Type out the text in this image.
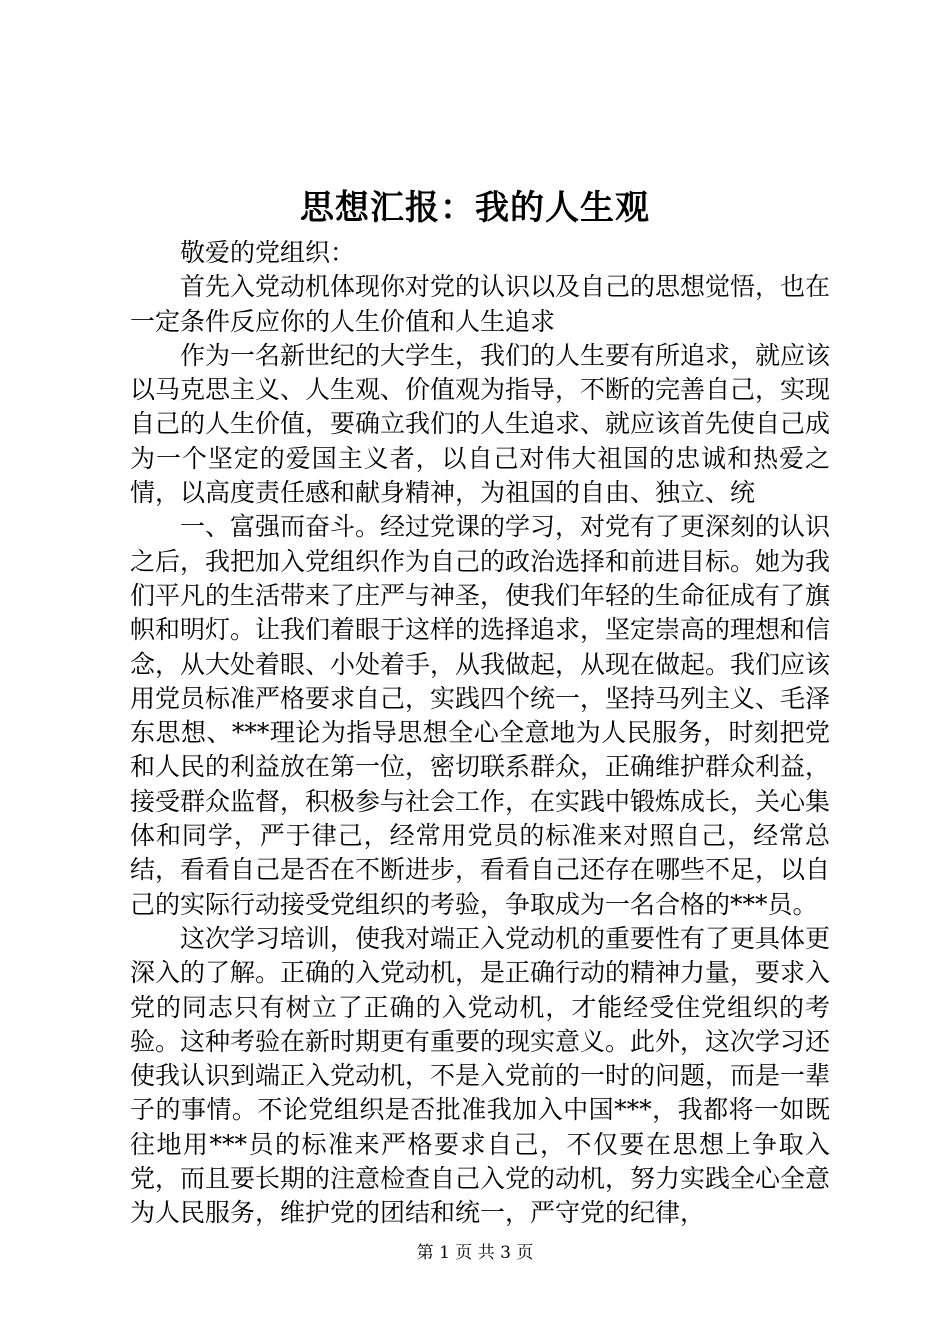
思想汇报：我的人生观

敬爱的党组织：

首先入党动机体现你对党的认识以及自己的思想觉悟，也在一定条件反应你的人生价值和人生追求

作为一名新世纪的大学生，我们的人生要有所追求，就应该以马克思主义、人生观、价值观为指导，不断的完善自己，实现自己的人生价值，要确立我们的人生追求、就应该首先使自己成为一个坚定的爱国主义者，以自己对伟大祖国的忠诚和热爱之情，以高度责任感和献身精神，为祖国的自由、独立、统

一、富强而奋斗。经过党课的学习，对党有了更深刻的认识之后，我把加入党组织作为自己的政治选择和前进目标。她为我们平凡的生活带来了庄严与神圣，使我们年轻的生命征成有了旗帜和明灯。让我们着眼于这样的选择追求，坚定崇高的理想和信念，从大处着眼、小处着手，从我做起，从现在做起。我们应该用党员标准严格要求自己，实践四个统一，坚持马列主义、毛泽东思想、***理论为指导思想全心全意地为人民服务，时刻把党和人民的利益放在第一位，密切联系群众，正确维护群众利益，接受群众监督，积极参与社会工作，在实践中锻炼成长，关心集体和同学，严于律己，经常用党员的标准来对照自己，经常总结，看看自己是否在不断进步，看看自己还存在哪些不足，以自己的实际行动接受党组织的考验，争取成为一名合格的***员。

这次学习培训，使我对端正入党动机的重要性有了更具体更深入的了解。正确的入党动机，是正确行动的精神力量，要求入党的同志只有树立了正确的入党动机，才能经受住党组织的考验。这种考验在新时期更有重要的现实意义。此外，这次学习还使我认识到端正入党动机，不是入党前的一时的问题，而是一辈子的事情。不论党组织是否批准我加入中国***，我都将一如既往地用***员的标准来严格要求自己，不仅要在思想上争取入党，而且要长期的注意检查自己入党的动机，努力实践全心全意为人民服务，维护党的团结和统一，严守党的纪律，

第 1 页 共 3 页
